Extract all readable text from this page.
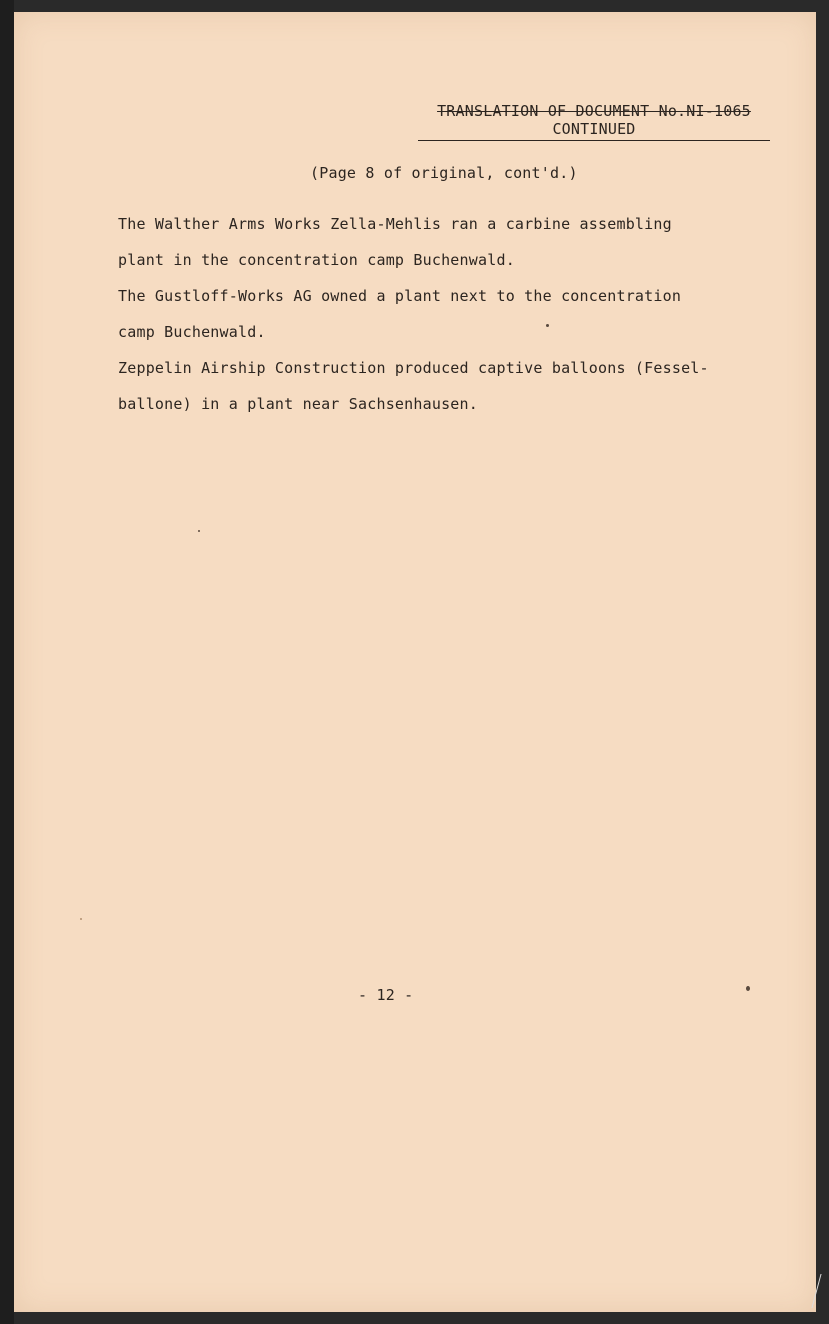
TRANSLATION OF DOCUMENT No.NI-1065
CONTINUED
(Page 8 of original, cont'd.)
The Walther Arms Works Zella-Mehlis ran a carbine assembling
plant in the concentration camp Buchenwald.
The Gustloff-Works AG owned a plant next to the concentration
camp Buchenwald.
Zeppelin Airship Construction produced captive balloons (Fessel-
ballone) in a plant near Sachsenhausen.
- 12 -
